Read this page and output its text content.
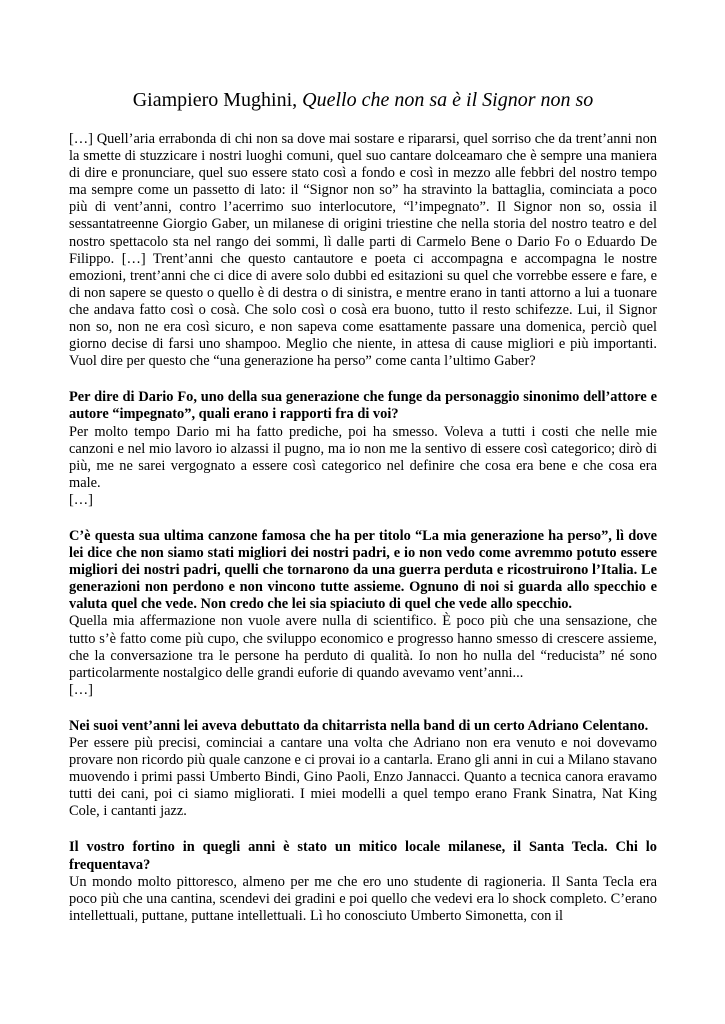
Giampiero Mughini, Quello che non sa è il Signor non so

[…] Quell’aria errabonda di chi non sa dove mai sostare e ripararsi, quel sorriso che da trent’anni non la smette di stuzzicare i nostri luoghi comuni, quel suo cantare dolceamaro che è sempre una maniera di dire e pronunciare, quel suo essere stato così a fondo e così in mezzo alle febbri del nostro tempo ma sempre come un passetto di lato: il “Signor non so” ha stravinto la battaglia, cominciata a poco più di vent’anni, contro l’acerrimo suo interlocutore, “l’impegnato”. Il Signor non so, ossia il sessantatreenne Giorgio Gaber, un milanese di origini triestine che nella storia del nostro teatro e del nostro spettacolo sta nel rango dei sommi, lì dalle parti di Carmelo Bene o Dario Fo o Eduardo De Filippo. […] Trent’anni che questo cantautore e poeta ci accompagna e accompagna le nostre emozioni, trent’anni che ci dice di avere solo dubbi ed esitazioni su quel che vorrebbe essere e fare, e di non sapere se questo o quello è di destra o di sinistra, e mentre erano in tanti attorno a lui a tuonare che andava fatto così o cosà. Che solo così o cosà era buono, tutto il resto schifezze. Lui, il Signor non so, non ne era così sicuro, e non sapeva come esattamente passare una domenica, perciò quel giorno decise di farsi uno shampoo. Meglio che niente, in attesa di cause migliori e più importanti. Vuol dire per questo che “una generazione ha perso” come canta l’ultimo Gaber?

Per dire di Dario Fo, uno della sua generazione che funge da personaggio sinonimo dell’attore e autore “impegnato”, quali erano i rapporti fra di voi?

Per molto tempo Dario mi ha fatto prediche, poi ha smesso. Voleva a tutti i costi che nelle mie canzoni e nel mio lavoro io alzassi il pugno, ma io non me la sentivo di essere così categorico; dirò di più, me ne sarei vergognato a essere così categorico nel definire che cosa era bene e che cosa era male.

[…]

C’è questa sua ultima canzone famosa che ha per titolo “La mia generazione ha perso”, lì dove lei dice che non siamo stati migliori dei nostri padri, e io non vedo come avremmo potuto essere migliori dei nostri padri, quelli che tornarono da una guerra perduta e ricostruirono l’Italia. Le generazioni non perdono e non vincono tutte assieme. Ognuno di noi si guarda allo specchio e valuta quel che vede. Non credo che lei sia spiaciuto di quel che vede allo specchio.

Quella mia affermazione non vuole avere nulla di scientifico. È poco più che una sensazione, che tutto s’è fatto come più cupo, che sviluppo economico e progresso hanno smesso di crescere assieme, che la conversazione tra le persone ha perduto di qualità. Io non ho nulla del “reducista” né sono particolarmente nostalgico delle grandi euforie di quando avevamo vent’anni...

[…]

Nei suoi vent’anni lei aveva debuttato da chitarrista nella band di un certo Adriano Celentano.

Per essere più precisi, cominciai a cantare una volta che Adriano non era venuto e noi dovevamo provare non ricordo più quale canzone e ci provai io a cantarla. Erano gli anni in cui a Milano stavano muovendo i primi passi Umberto Bindi, Gino Paoli, Enzo Jannacci. Quanto a tecnica canora eravamo tutti dei cani, poi ci siamo migliorati. I miei modelli a quel tempo erano Frank Sinatra, Nat King Cole, i cantanti jazz.

Il vostro fortino in quegli anni è stato un mitico locale milanese, il Santa Tecla. Chi lo frequentava?

Un mondo molto pittoresco, almeno per me che ero uno studente di ragioneria. Il Santa Tecla era poco più che una cantina, scendevi dei gradini e poi quello che vedevi era lo shock completo. C’erano intellettuali, puttane, puttane intellettuali. Lì ho conosciuto Umberto Simonetta, con il
